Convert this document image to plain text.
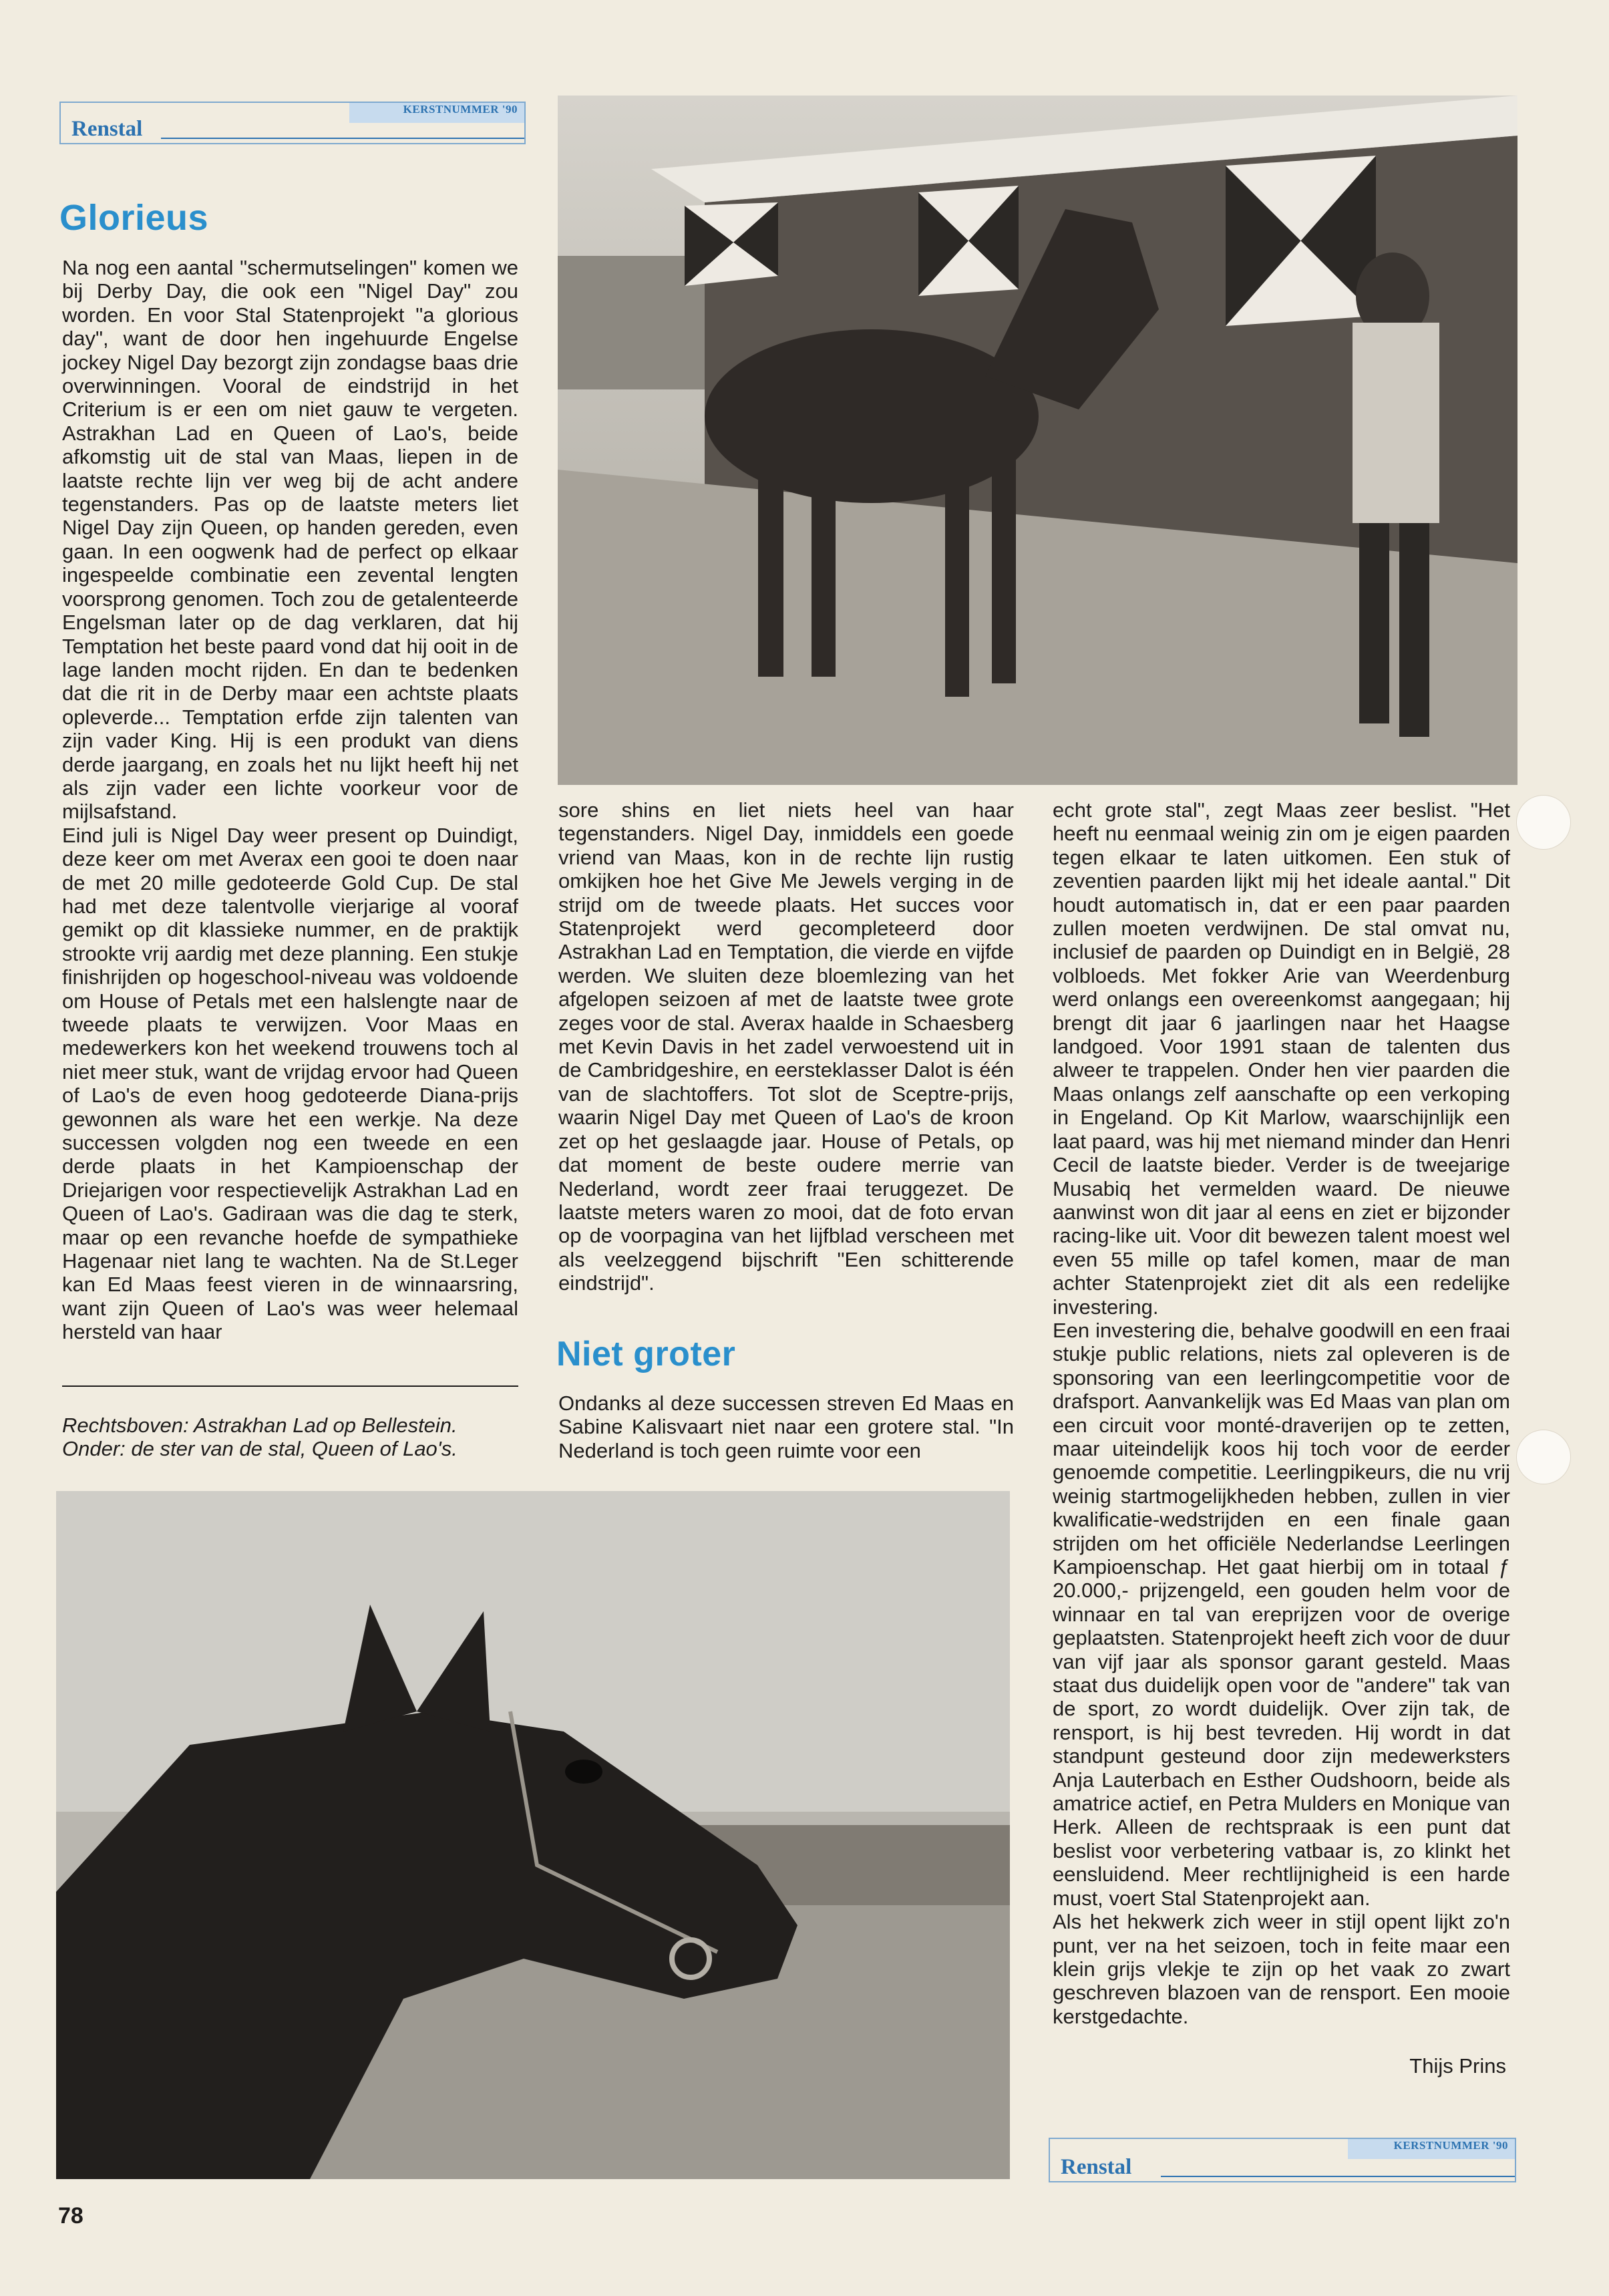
KERSTNUMMER '90
Renstal
Glorieus

Na nog een aantal "schermutselingen" komen we bij Derby Day, die ook een "Nigel Day" zou worden. En voor Stal Statenprojekt "a glorious day", want de door hen ingehuurde Engelse jockey Nigel Day bezorgt zijn zondagse baas drie overwinningen. Vooral de eindstrijd in het Criterium is er een om niet gauw te vergeten. Astrakhan Lad en Queen of Lao's, beide afkomstig uit de stal van Maas, liepen in de laatste rechte lijn ver weg bij de acht andere tegenstanders. Pas op de laatste meters liet Nigel Day zijn Queen, op handen gereden, even gaan. In een oogwenk had de perfect op elkaar ingespeelde combinatie een zevental lengten voorsprong genomen. Toch zou de getalenteerde Engelsman later op de dag verklaren, dat hij Temptation het beste paard vond dat hij ooit in de lage landen mocht rijden. En dan te bedenken dat die rit in de Derby maar een achtste plaats opleverde... Temptation erfde zijn talenten van zijn vader King. Hij is een produkt van diens derde jaargang, en zoals het nu lijkt heeft hij net als zijn vader een lichte voorkeur voor de mijlsafstand.

Eind juli is Nigel Day weer present op Duindigt, deze keer om met Averax een gooi te doen naar de met 20 mille gedoteerde Gold Cup. De stal had met deze talentvolle vierjarige al vooraf gemikt op dit klassieke nummer, en de praktijk strookte vrij aardig met deze planning. Een stukje finishrijden op hogeschool-niveau was voldoende om House of Petals met een halslengte naar de tweede plaats te verwijzen. Voor Maas en medewerkers kon het weekend trouwens toch al niet meer stuk, want de vrijdag ervoor had Queen of Lao's de even hoog gedoteerde Diana-prijs gewonnen als ware het een werkje. Na deze successen volgden nog een tweede en een derde plaats in het Kampioenschap der Driejarigen voor respectievelijk Astrakhan Lad en Queen of Lao's. Gadiraan was die dag te sterk, maar op een revanche hoefde de sympathieke Hagenaar niet lang te wachten. Na de St.Leger kan Ed Maas feest vieren in de winnaarsring, want zijn Queen of Lao's was weer helemaal hersteld van haar

Rechtsboven: Astrakhan Lad op Bellestein.

Onder: de ster van de stal, Queen of Lao's.

sore shins en liet niets heel van haar tegenstanders. Nigel Day, inmiddels een goede vriend van Maas, kon in de rechte lijn rustig omkijken hoe het Give Me Jewels verging in de strijd om de tweede plaats. Het succes voor Statenprojekt werd gecompleteerd door Astrakhan Lad en Temptation, die vierde en vijfde werden. We sluiten deze bloemlezing van het afgelopen seizoen af met de laatste twee grote zeges voor de stal. Averax haalde in Schaesberg met Kevin Davis in het zadel verwoestend uit in de Cambridgeshire, en eersteklasser Dalot is één van de slachtoffers. Tot slot de Sceptre-prijs, waarin Nigel Day met Queen of Lao's de kroon zet op het geslaagde jaar. House of Petals, op dat moment de beste oudere merrie van Nederland, wordt zeer fraai teruggezet. De laatste meters waren zo mooi, dat de foto ervan op de voorpagina van het lijfblad verscheen met als veelzeggend bijschrift "Een schitterende eindstrijd".

Niet groter

Ondanks al deze successen streven Ed Maas en Sabine Kalisvaart niet naar een grotere stal. "In Nederland is toch geen ruimte voor een

echt grote stal", zegt Maas zeer beslist. "Het heeft nu eenmaal weinig zin om je eigen paarden tegen elkaar te laten uitkomen. Een stuk of zeventien paarden lijkt mij het ideale aantal." Dit houdt automatisch in, dat er een paar paarden zullen moeten verdwijnen. De stal omvat nu, inclusief de paarden op Duindigt en in België, 28 volbloeds. Met fokker Arie van Weerdenburg werd onlangs een overeenkomst aangegaan; hij brengt dit jaar 6 jaarlingen naar het Haagse landgoed. Voor 1991 staan de talenten dus alweer te trappelen. Onder hen vier paarden die Maas onlangs zelf aanschafte op een verkoping in Engeland. Op Kit Marlow, waarschijnlijk een laat paard, was hij met niemand minder dan Henri Cecil de laatste bieder. Verder is de tweejarige Musabiq het vermelden waard. De nieuwe aanwinst won dit jaar al eens en ziet er bijzonder racing-like uit. Voor dit bewezen talent moest wel even 55 mille op tafel komen, maar de man achter Statenprojekt ziet dit als een redelijke investering.

Een investering die, behalve goodwill en een fraai stukje public relations, niets zal opleveren is de sponsoring van een leerlingcompetitie voor de drafsport. Aanvankelijk was Ed Maas van plan om een circuit voor monté-draverijen op te zetten, maar uiteindelijk koos hij toch voor de eerder genoemde competitie. Leerlingpikeurs, die nu vrij weinig startmogelijkheden hebben, zullen in vier kwalificatie-wedstrijden en een finale gaan strijden om het officiële Nederlandse Leerlingen Kampioenschap. Het gaat hierbij om in totaal ƒ 20.000,- prijzengeld, een gouden helm voor de winnaar en tal van ereprijzen voor de overige geplaatsten. Statenprojekt heeft zich voor de duur van vijf jaar als sponsor garant gesteld. Maas staat dus duidelijk open voor de "andere" tak van de sport, zo wordt duidelijk. Over zijn tak, de rensport, is hij best tevreden. Hij wordt in dat standpunt gesteund door zijn medewerksters Anja Lauterbach en Esther Oudshoorn, beide als amatrice actief, en Petra Mulders en Monique van Herk. Alleen de rechtspraak is een punt dat beslist voor verbetering vatbaar is, zo klinkt het eensluidend. Meer rechtlijnigheid is een harde must, voert Stal Statenprojekt aan.

Als het hekwerk zich weer in stijl opent lijkt zo'n punt, ver na het seizoen, toch in feite maar een klein grijs vlekje te zijn op het vaak zo zwart geschreven blazoen van de rensport. Een mooie kerstgedachte.

Thijs Prins
KERSTNUMMER '90
Renstal
78
